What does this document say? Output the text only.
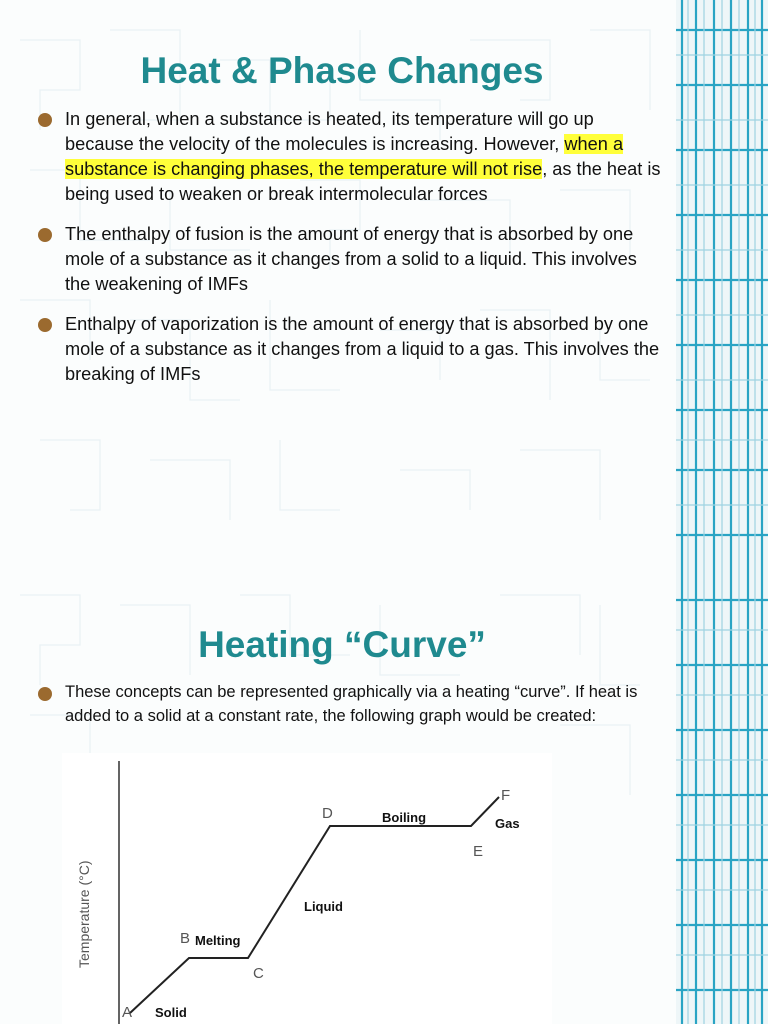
Heat & Phase Changes
In general, when a substance is heated, its temperature will go up because the velocity of the molecules is increasing. However, when a substance is changing phases, the temperature will not rise, as the heat is being used to weaken or break intermolecular forces
The enthalpy of fusion is the amount of energy that is absorbed by one mole of a substance as it changes from a solid to a liquid. This involves the weakening of IMFs
Enthalpy of vaporization is the amount of energy that is absorbed by one mole of a substance as it changes from a liquid to a gas. This involves the breaking of IMFs
Heating “Curve”
These concepts can be represented graphically via a heating “curve”. If heat is added to a solid at a constant rate, the following graph would be created:
Temperature (°C)
A
B
C
D
E
F
Solid
Melting
Liquid
Boiling	Gas
